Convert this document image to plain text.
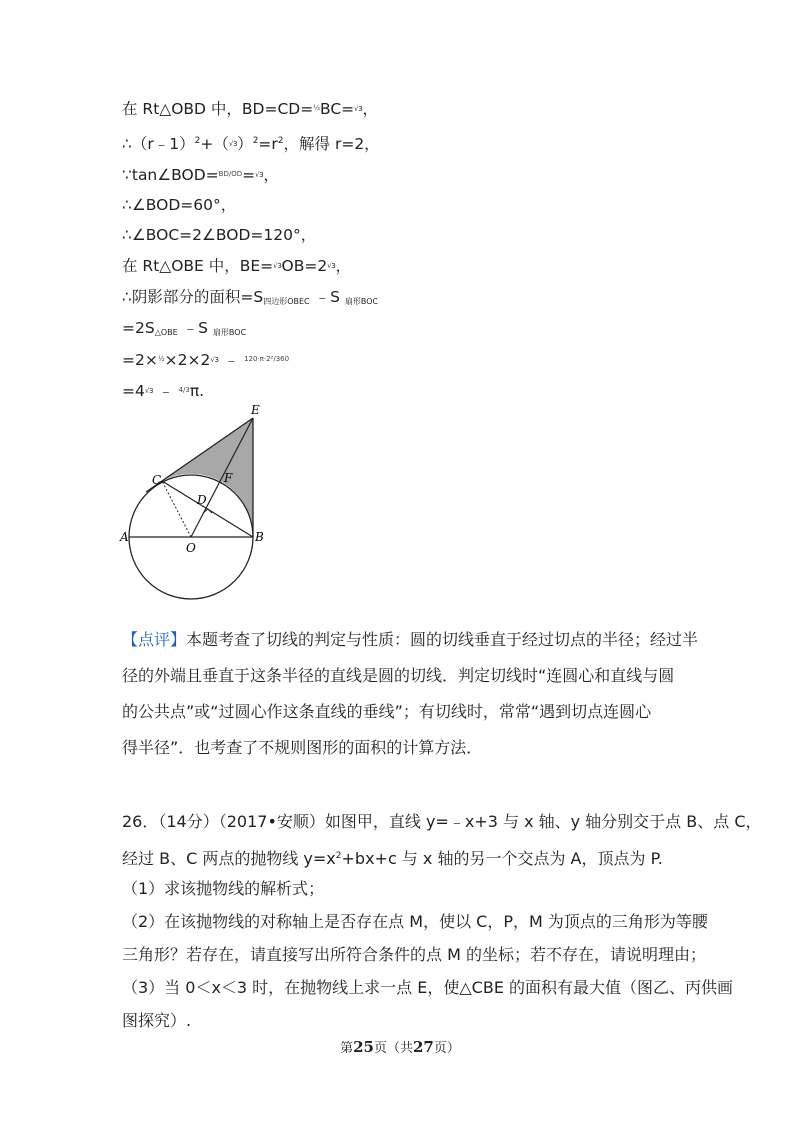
在 Rt△OBD 中，BD=CD=$^{\frac{1}{2}}$BC=√3，
$\therefore(r﹣1)^2+(√3)^2=r^2$，解得 r=2，
∵tan∠BOD=$^{BD/OD}$=√3，
∴∠BOD=60°，
∴∠BOC=2∠BOD=120°，
在 Rt△OBE 中，BE=√3OB=2√3，
∴阴影部分的面积$=S_{四边形OBEC}$ ﹣S $_{扇形BOC}$
$=2S_{\triangle OBE}$ ﹣S $_{扇形BOC}$
=2×$^{\frac{1}{2}}$×2×2√3 ﹣ $^{120\cdot\pi\cdot 2^2/360}$
=4√3 ﹣ $^{4/3}$π.
E
C
D
F
A
O
B
【点评】本题考查了切线的判定与性质：圆的切线垂直于经过切点的半径；经过半
径的外端且垂直于这条半径的直线是圆的切线．判定切线时“连圆心和直线与圆
的公共点”或“过圆心作这条直线的垂线”；有切线时，常常“遇到切点连圆心
得半径”．也考查了不规则图形的面积的计算方法．
26．（14分）（2017•安顺）如图甲，直线 y=﹣x+3 与 x 轴、y 轴分别交于点 B、点 C，
经过 B、C 两点的抛物线 $y=x^2+bx+c$ 与 x 轴的另一个交点为 A，顶点为 P.
（1）求该抛物线的解析式；
（2）在该抛物线的对称轴上是否存在点 M，使以 C，P，M 为顶点的三角形为等腰
三角形？若存在，请直接写出所符合条件的点 M 的坐标；若不存在，请说明理由；
（3）当 0＜x＜3 时，在抛物线上求一点 E，使△CBE 的面积有最大值（图乙、丙供画
图探究）.
第25页（共27页）
